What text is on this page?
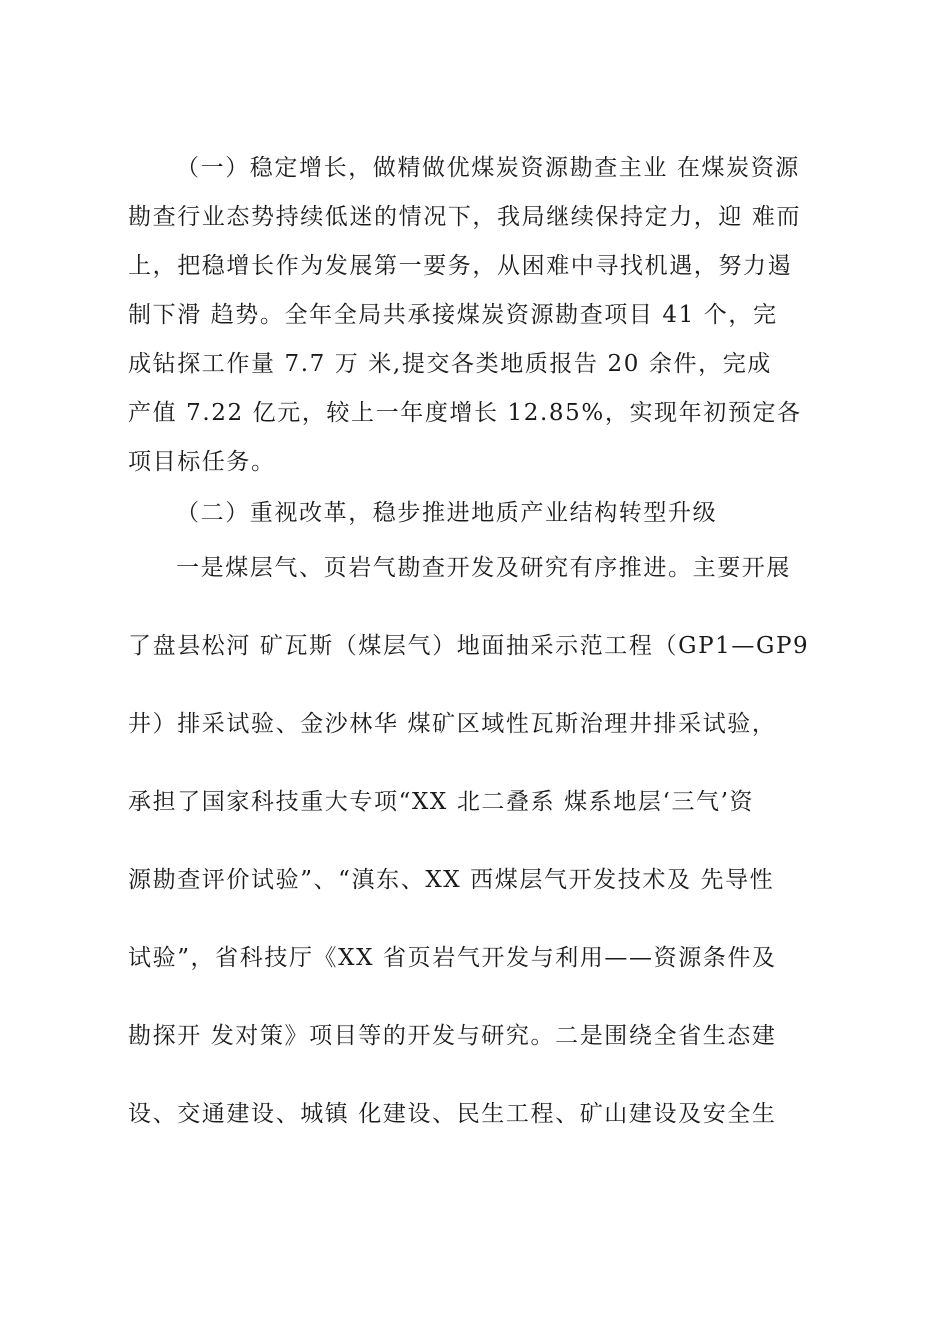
（一）稳定增长，做精做优煤炭资源勘查主业 在煤炭资源
勘查行业态势持续低迷的情况下，我局继续保持定力，迎 难而
上，把稳增长作为发展第一要务，从困难中寻找机遇，努力遏
制下滑 趋势。全年全局共承接煤炭资源勘查项目 41 个，完
成钻探工作量 7.7 万 米,提交各类地质报告 20 余件，完成
产值 7.22 亿元，较上一年度增长 12.85%，实现年初预定各
项目标任务。
（二）重视改革，稳步推进地质产业结构转型升级
一是煤层气、页岩气勘查开发及研究有序推进。主要开展
了盘县松河 矿瓦斯（煤层气）地面抽采示范工程（GP1—GP9
井）排采试验、金沙林华 煤矿区域性瓦斯治理井排采试验，
承担了国家科技重大专项“XX 北二叠系 煤系地层‘三气’资
源勘查评价试验”、“滇东、XX 西煤层气开发技术及 先导性
试验”，省科技厅《XX 省页岩气开发与利用——资源条件及
勘探开 发对策》项目等的开发与研究。二是围绕全省生态建
设、交通建设、城镇 化建设、民生工程、矿山建设及安全生
